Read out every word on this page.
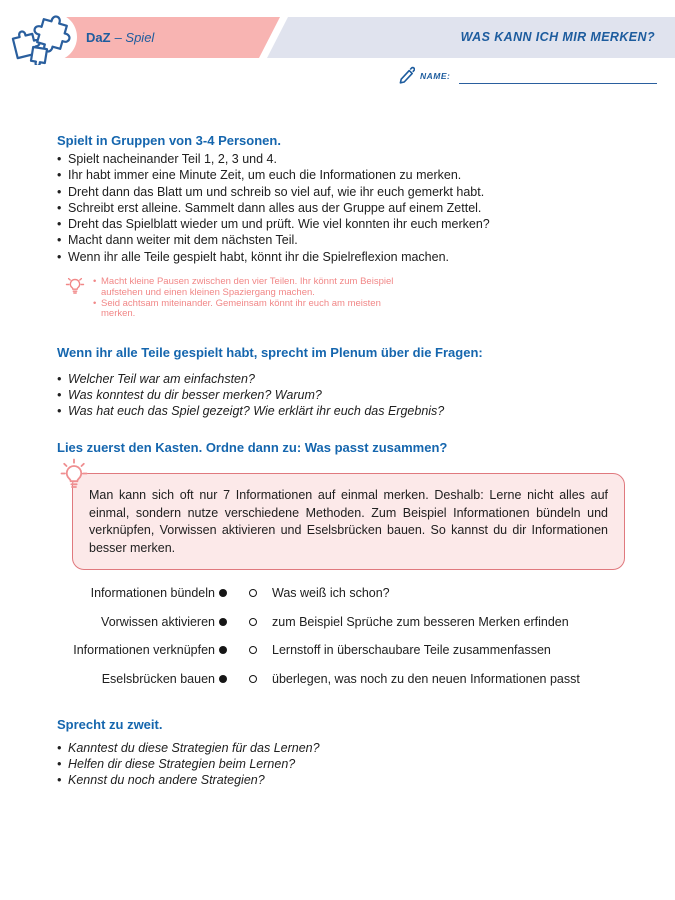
DaZ – Spiel	WAS KANN ICH MIR MERKEN?
NAME:
Spielt in Gruppen von 3-4 Personen.
• Spielt nacheinander Teil 1, 2, 3 und 4.
• Ihr habt immer eine Minute Zeit, um euch die Informationen zu merken.
• Dreht dann das Blatt um und schreib so viel auf, wie ihr euch gemerkt habt.
• Schreibt erst alleine. Sammelt dann alles aus der Gruppe auf einem Zettel.
• Dreht das Spielblatt wieder um und prüft. Wie viel konnten ihr euch merken?
• Macht dann weiter mit dem nächsten Teil.
• Wenn ihr alle Teile gespielt habt, könnt ihr die Spielreflexion machen.
• Macht kleine Pausen zwischen den vier Teilen. Ihr könnt zum Beispiel aufstehen und einen kleinen Spaziergang machen.
• Seid achtsam miteinander. Gemeinsam könnt ihr euch am meisten merken.
Wenn ihr alle Teile gespielt habt, sprecht im Plenum über die Fragen:
• Welcher Teil war am einfachsten?
• Was konntest du dir besser merken? Warum?
• Was hat euch das Spiel gezeigt? Wie erklärt ihr euch das Ergebnis?
Lies zuerst den Kasten. Ordne dann zu: Was passt zusammen?
Man kann sich oft nur 7 Informationen auf einmal merken. Deshalb: Lerne nicht alles auf einmal, sondern nutze verschiedene Methoden. Zum Beispiel Informationen bündeln und verknüpfen, Vorwissen aktivieren und Eselsbrücken bauen. So kannst du dir Informationen besser merken.
Informationen bündeln	Was weiß ich schon?
Vorwissen aktivieren	zum Beispiel Sprüche zum besseren Merken erfinden
Informationen verknüpfen	Lernstoff in überschaubare Teile zusammenfassen
Eselsbrücken bauen	überlegen, was noch zu den neuen Informationen passt
Sprecht zu zweit.
• Kanntest du diese Strategien für das Lernen?
• Helfen dir diese Strategien beim Lernen?
• Kennst du noch andere Strategien?
